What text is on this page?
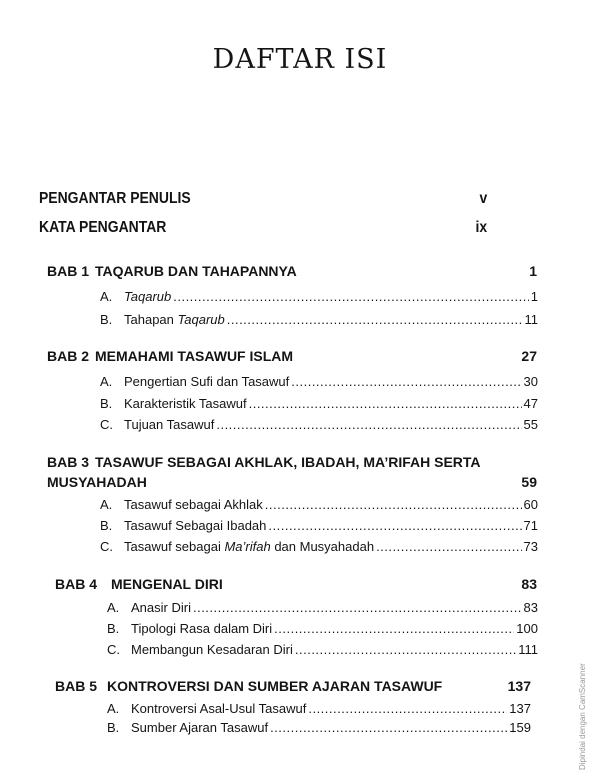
DAFTAR ISI
PENGANTAR PENULIS	v
KATA PENGANTAR	ix
BAB 1 TAQARUB DAN TAHAPANNYA	1
A. Taqarub .....	1
B. Tahapan Taqarub .....	11
BAB 2 MEMAHAMI TASAWUF ISLAM	27
A. Pengertian Sufi dan Tasawuf .....	30
B. Karakteristik Tasawuf .....	47
C. Tujuan Tasawuf .....	55
BAB 3 TASAWUF SEBAGAI AKHLAK, IBADAH, MA’RIFAH SERTA
MUSYAHADAH	59
A. Tasawuf sebagai Akhlak .....	60
B. Tasawuf Sebagai Ibadah .....	71
C. Tasawuf sebagai Ma’rifah dan Musyahadah .....	73
BAB 4 MENGENAL DIRI	83
A. Anasir Diri .....	83
B. Tipologi Rasa dalam Diri .....	100
C. Membangun Kesadaran Diri .....	111
BAB 5 KONTROVERSI DAN SUMBER AJARAN TASAWUF	137
A. Kontroversi Asal-Usul Tasawuf .....	137
B. Sumber Ajaran Tasawuf .....	159	Dipindai dengan CamScanner
